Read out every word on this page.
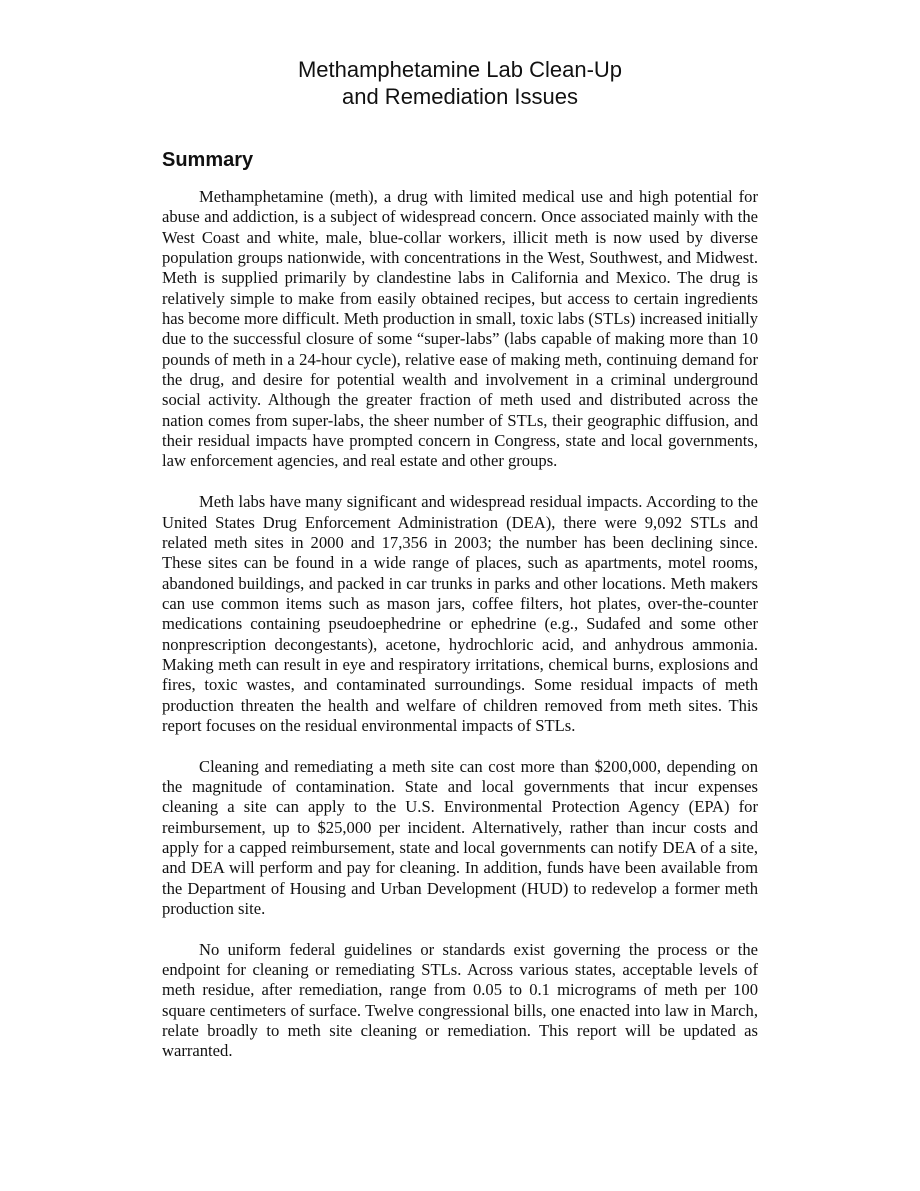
Methamphetamine Lab Clean-Up
and Remediation Issues
Summary

Methamphetamine (meth), a drug with limited medical use and high potential for abuse and addiction, is a subject of widespread concern. Once associated mainly with the West Coast and white, male, blue-collar workers, illicit meth is now used by diverse population groups nationwide, with concentrations in the West, Southwest, and Midwest. Meth is supplied primarily by clandestine labs in California and Mexico. The drug is relatively simple to make from easily obtained recipes, but access to certain ingredients has become more difficult. Meth production in small, toxic labs (STLs) increased initially due to the successful closure of some “super-labs” (labs capable of making more than 10 pounds of meth in a 24-hour cycle), relative ease of making meth, continuing demand for the drug, and desire for potential wealth and involvement in a criminal underground social activity. Although the greater fraction of meth used and distributed across the nation comes from super-labs, the sheer number of STLs, their geographic diffusion, and their residual impacts have prompted concern in Congress, state and local governments, law enforcement agencies, and real estate and other groups.

Meth labs have many significant and widespread residual impacts. According to the United States Drug Enforcement Administration (DEA), there were 9,092 STLs and related meth sites in 2000 and 17,356 in 2003; the number has been declining since. These sites can be found in a wide range of places, such as apartments, motel rooms, abandoned buildings, and packed in car trunks in parks and other locations. Meth makers can use common items such as mason jars, coffee filters, hot plates, over-the-counter medications containing pseudoephedrine or ephedrine (e.g., Sudafed and some other nonprescription decongestants), acetone, hydrochloric acid, and anhydrous ammonia. Making meth can result in eye and respiratory irritations, chemical burns, explosions and fires, toxic wastes, and contaminated surroundings. Some residual impacts of meth production threaten the health and welfare of children removed from meth sites. This report focuses on the residual environmental impacts of STLs.

Cleaning and remediating a meth site can cost more than $200,000, depending on the magnitude of contamination. State and local governments that incur expenses cleaning a site can apply to the U.S. Environmental Protection Agency (EPA) for reimbursement, up to $25,000 per incident. Alternatively, rather than incur costs and apply for a capped reimbursement, state and local governments can notify DEA of a site, and DEA will perform and pay for cleaning. In addition, funds have been available from the Department of Housing and Urban Development (HUD) to redevelop a former meth production site.

No uniform federal guidelines or standards exist governing the process or the endpoint for cleaning or remediating STLs. Across various states, acceptable levels of meth residue, after remediation, range from 0.05 to 0.1 micrograms of meth per 100 square centimeters of surface. Twelve congressional bills, one enacted into law in March, relate broadly to meth site cleaning or remediation. This report will be updated as warranted.
